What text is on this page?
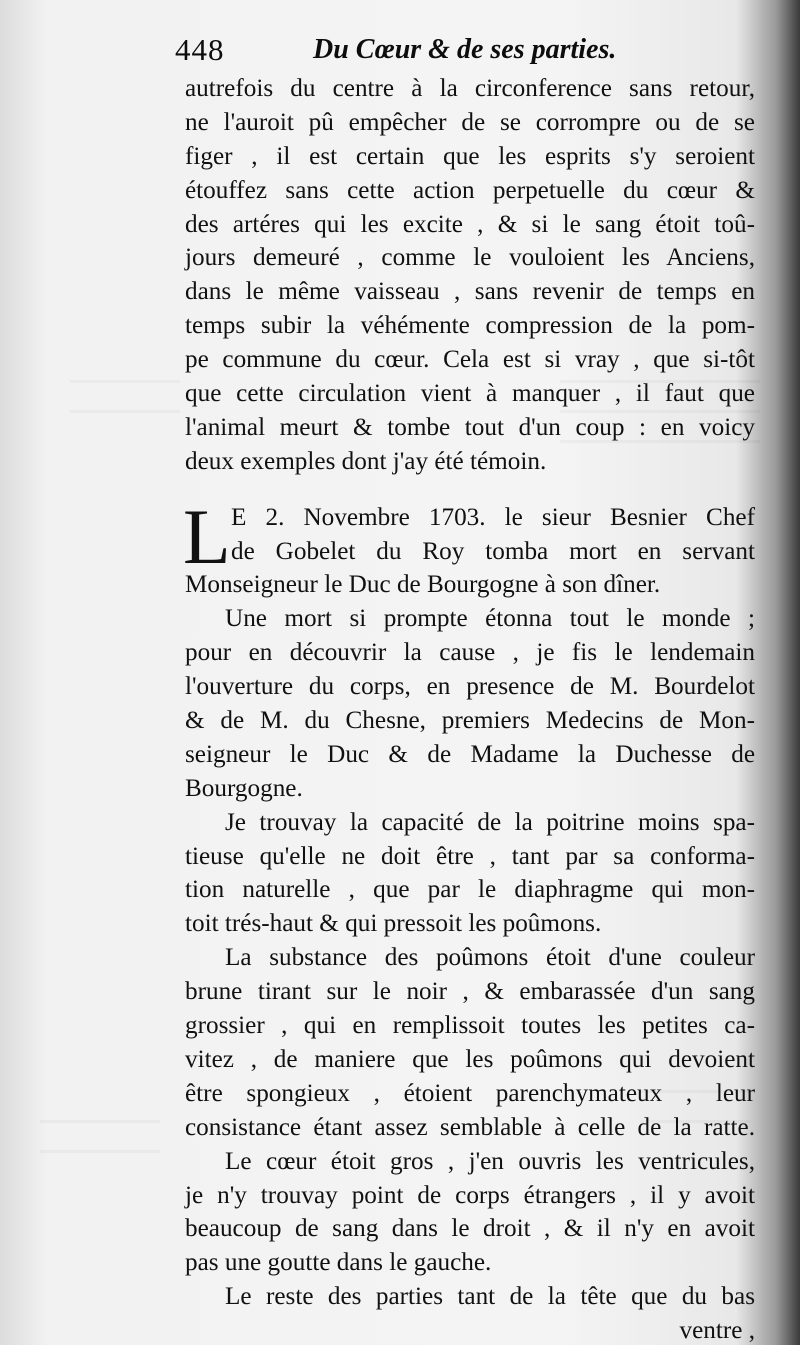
448	Du Cœur & de ses parties.
autrefois du centre à la circonference sans retour,
ne l'auroit pû empêcher de se corrompre ou de se
figer , il est certain que les esprits s'y seroient
étouffez sans cette action perpetuelle du cœur &
des artéres qui les excite , & si le sang étoit toû-
jours demeuré , comme le vouloient les Anciens,
dans le même vaisseau , sans revenir de temps en
temps subir la véhémente compression de la pom-
pe commune du cœur. Cela est si vray , que si-tôt
que cette circulation vient à manquer , il faut que
l'animal meurt & tombe tout d'un coup : en voicy
deux exemples dont j'ay été témoin.
L E 2. Novembre 1703. le sieur Besnier Chef
de Gobelet du Roy tomba mort en servant
Monseigneur le Duc de Bourgogne à son dîner.
Une mort si prompte étonna tout le monde ;
pour en découvrir la cause , je fis le lendemain
l'ouverture du corps, en presence de M. Bourdelot
& de M. du Chesne, premiers Medecins de Mon-
seigneur le Duc & de Madame la Duchesse de
Bourgogne.
Je trouvay la capacité de la poitrine moins spa-
tieuse qu'elle ne doit être , tant par sa conforma-
tion naturelle , que par le diaphragme qui mon-
toit trés-haut & qui pressoit les poûmons.
La substance des poûmons étoit d'une couleur
brune tirant sur le noir , & embarassée d'un sang
grossier , qui en remplissoit toutes les petites ca-
vitez , de maniere que les poûmons qui devoient
être spongieux , étoient parenchymateux , leur
consistance étant assez semblable à celle de la ratte.
Le cœur étoit gros , j'en ouvris les ventricules,
je n'y trouvay point de corps étrangers , il y avoit
beaucoup de sang dans le droit , & il n'y en avoit
pas une goutte dans le gauche.
Le reste des parties tant de la tête que du bas
ventre ,
